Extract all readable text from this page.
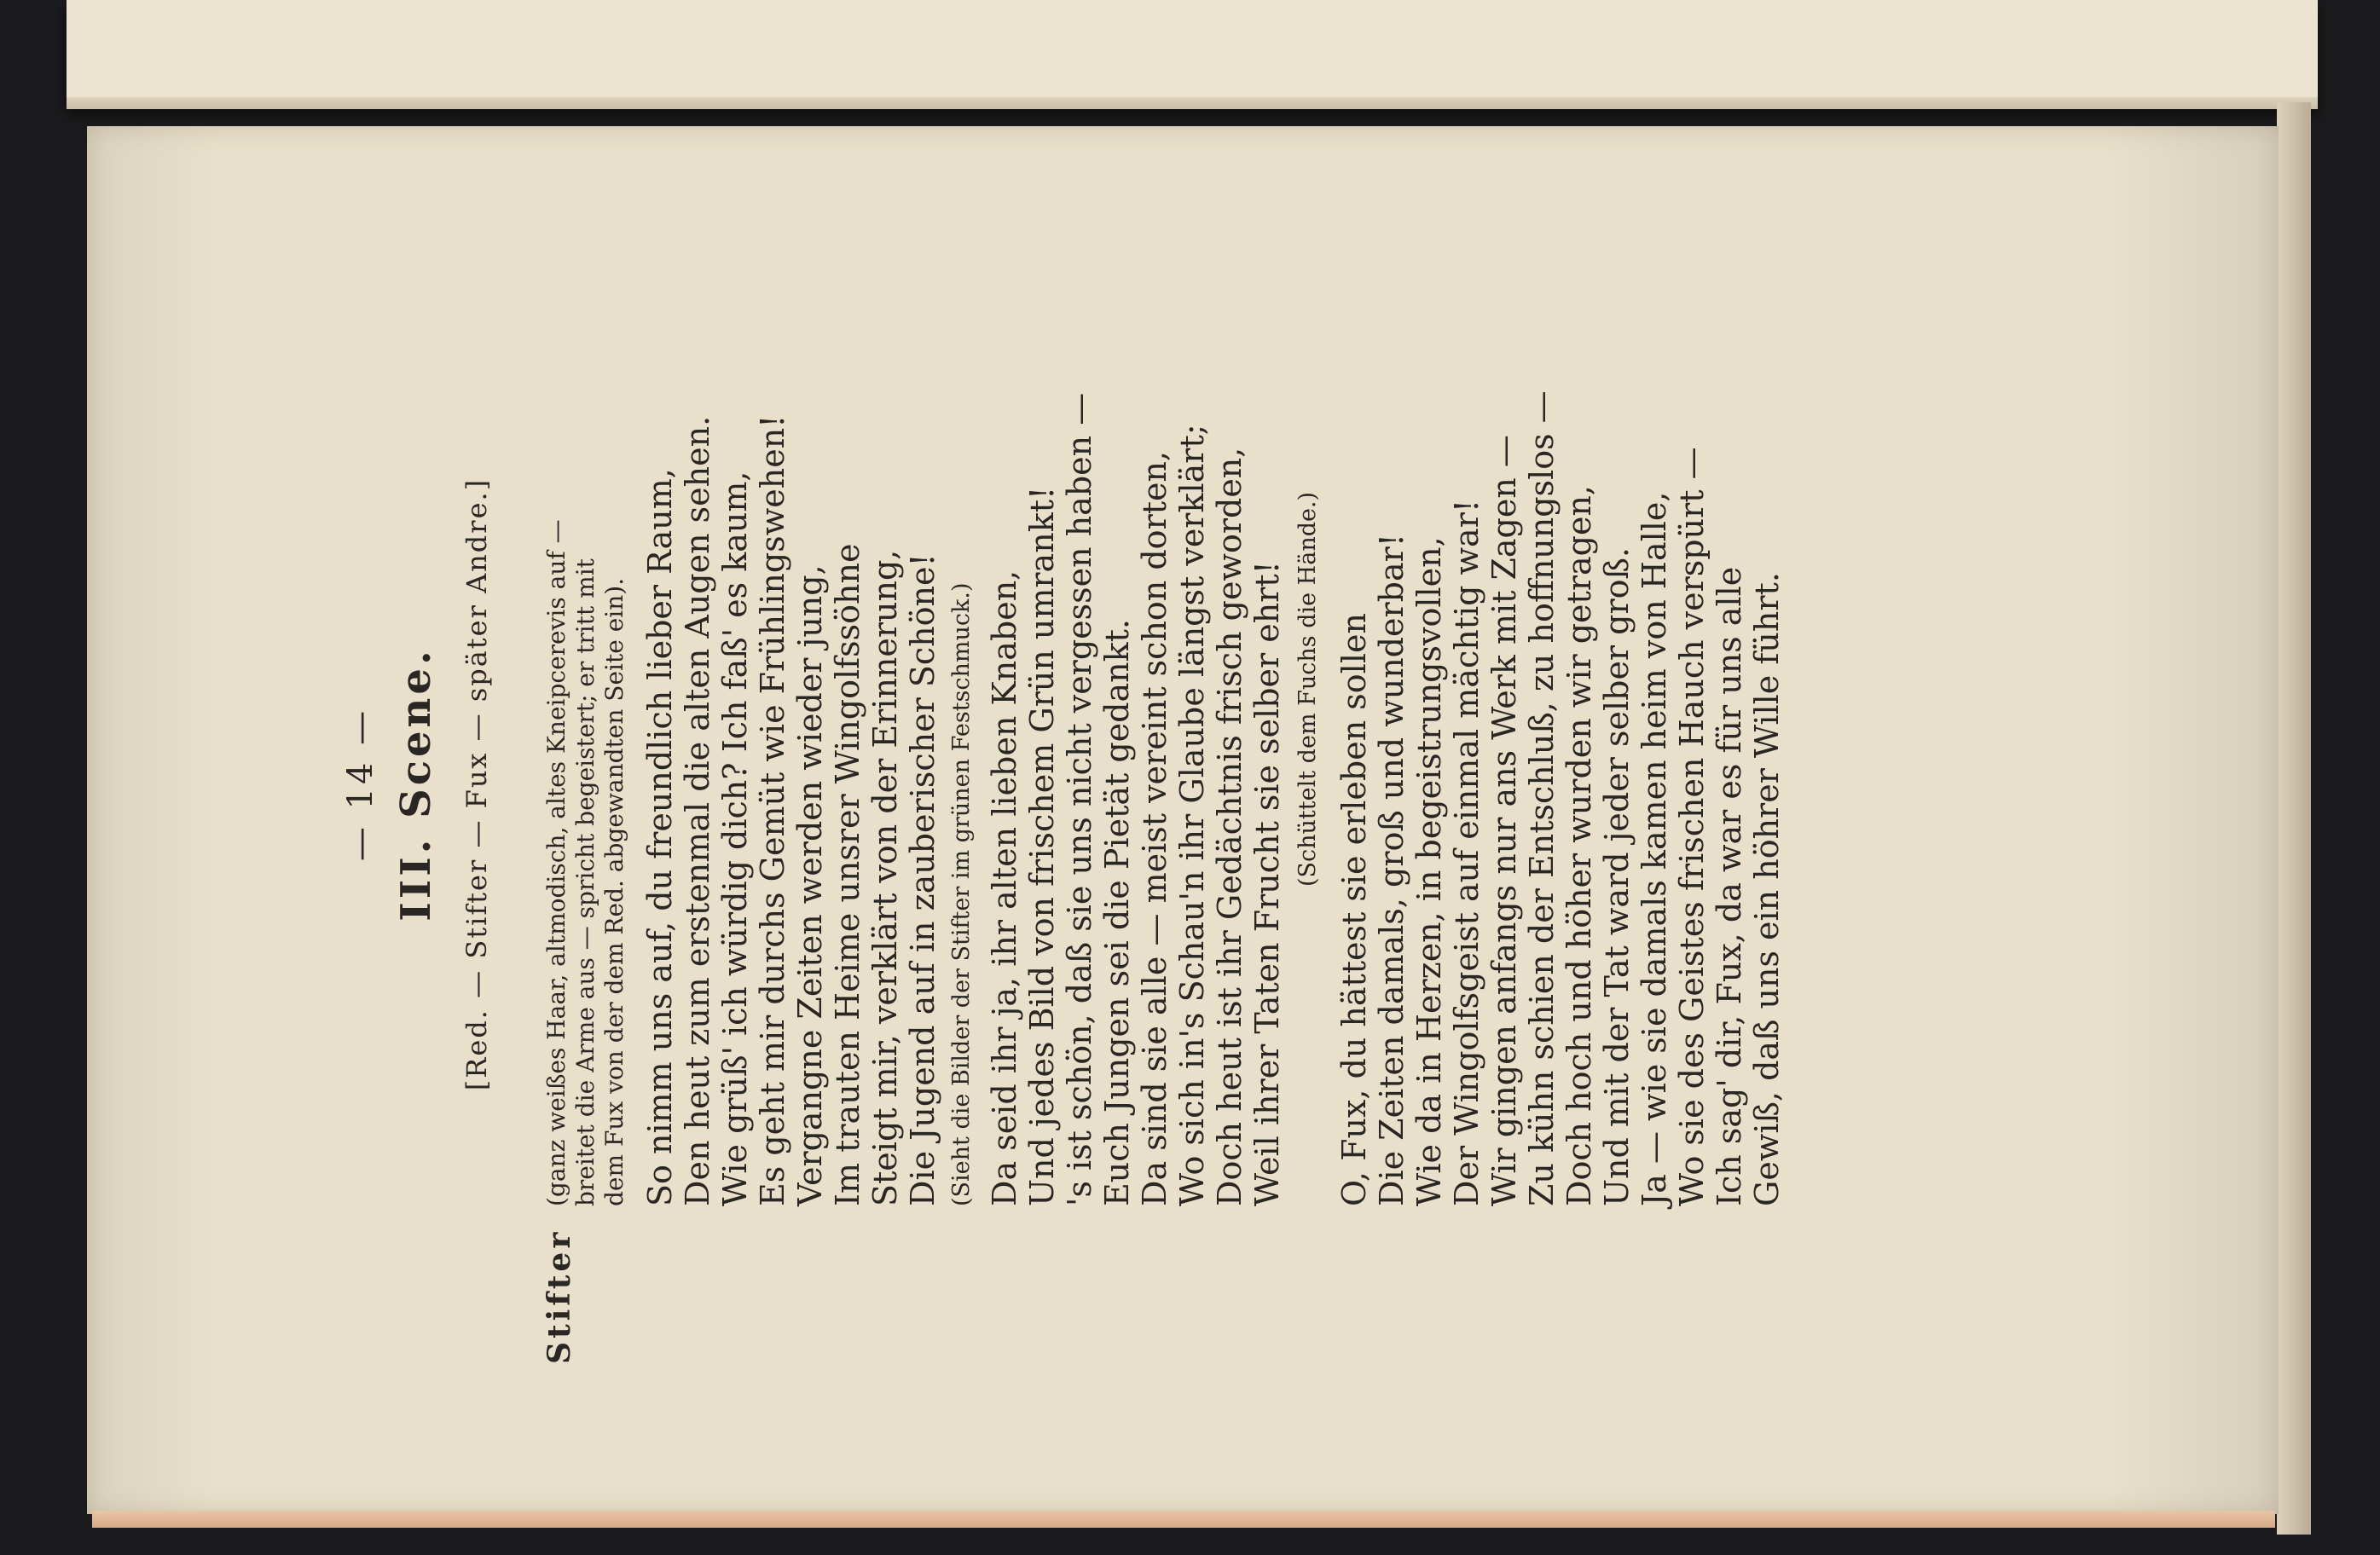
— 14 — III. Scene. [Red. — Stifter — Fux — später Andre.]
Stifter
(ganz weißes Haar, altmodisch, altes Kneipcerevis auf — breitet die Arme aus — spricht begeistert; er tritt mit dem Fux von der dem Red. abgewandten Seite ein). So nimm uns auf, du freundlich lieber Raum, Den heut zum erstenmal die alten Augen sehen. Wie grüß' ich würdig dich? Ich faß' es kaum, Es geht mir durchs Gemüt wie Frühlingswehen! Vergangne Zeiten werden wieder jung, Im trauten Heime unsrer Wingolfssöhne Steigt mir, verklärt von der Erinnerung, Die Jugend auf in zauberischer Schöne! (Sieht die Bilder der Stifter im grünen Festschmuck.) Da seid ihr ja, ihr alten lieben Knaben, Und jedes Bild von frischem Grün umrankt! 's ist schön, daß sie uns nicht vergessen haben — Euch Jungen sei die Pietät gedankt. Da sind sie alle — meist vereint schon dorten, Wo sich in's Schau'n ihr Glaube längst verklärt; Doch heut ist ihr Gedächtnis frisch geworden, Weil ihrer Taten Frucht sie selber ehrt! (Schüttelt dem Fuchs die Hände.) O, Fux, du hättest sie erleben sollen Die Zeiten damals, groß und wunderbar! Wie da in Herzen, in begeistrungsvollen, Der Wingolfsgeist auf einmal mächtig war! Wir gingen anfangs nur ans Werk mit Zagen — Zu kühn schien der Entschluß, zu hoffnungslos — Doch hoch und höher wurden wir getragen, Und mit der Tat ward jeder selber groß. Ja — wie sie damals kamen heim von Halle, Wo sie des Geistes frischen Hauch verspürt — Ich sag' dir, Fux, da war es für uns alle Gewiß, daß uns ein höhrer Wille führt.
